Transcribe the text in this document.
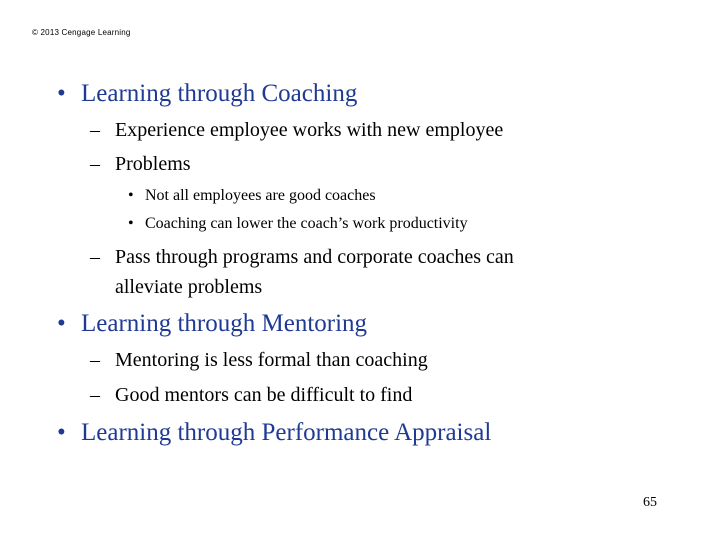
© 2013 Cengage Learning
• Learning through Coaching
– Experience employee works with new employee
– Problems
• Not all employees are good coaches
• Coaching can lower the coach’s work productivity
– Pass through programs and corporate coaches can
alleviate problems
• Learning through Mentoring
– Mentoring is less formal than coaching
– Good mentors can be difficult to find
• Learning through Performance Appraisal
65
